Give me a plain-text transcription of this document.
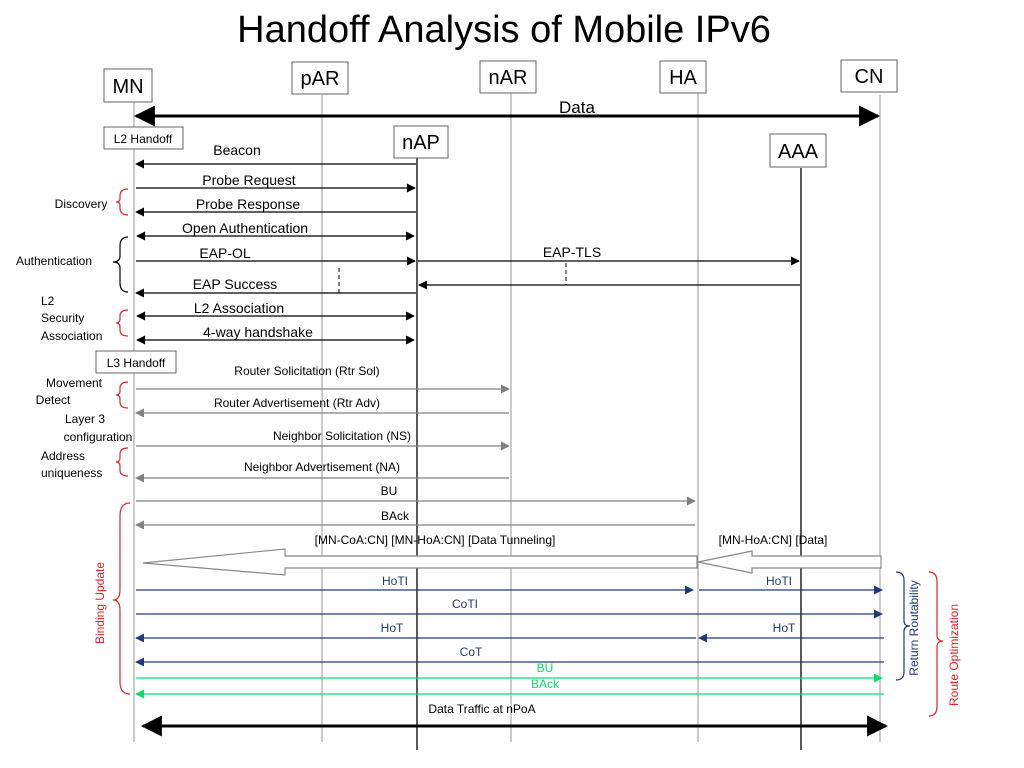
Handoff Analysis of Mobile IPv6
MN	pAR	nAR	HA	CN
nAP	AAA
Data
L2 Handoff
Beacon
Probe Request
Probe Response
Open Authentication
EAP-OL	EAP-TLS
EAP Success
L2 Association
4-way handshake
L3 Handoff
Router Solicitation (Rtr Sol)
Router Advertisement (Rtr Adv)
Neighbor Solicitation (NS)
Neighbor Advertisement (NA)
BU
BAck
[MN-CoA:CN] [MN-HoA:CN] [Data Tunneling]	[MN-HoA:CN] [Data]
HoTI	HoTI
CoTI
HoT	HoT
CoT
BU
BAck
Data Traffic at nPoA
Discovery
Authentication
L2
Security
Association
Movement
Detect
Layer 3
configuration
Address
uniqueness
Binding Update	Return Routability Route Optimization
